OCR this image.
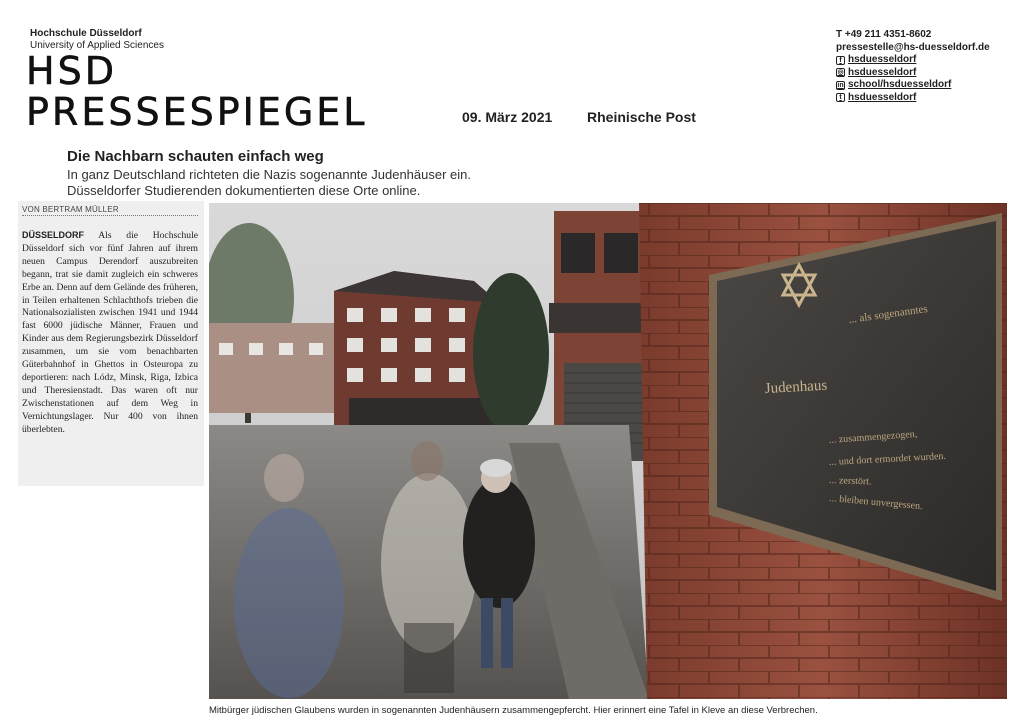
Hochschule Düsseldorf
University of Applied Sciences
HSD
PRESSESPIEGEL	09. März 2021 Rheinische Post
T +49 211 4351-8602
pressestelle@hs-duesseldorf.de
f hsduesseldorf
◎ hsduesseldorf
in school/hsduesseldorf
t hsduesseldorf
Die Nachbarn schauten einfach weg
In ganz Deutschland richteten die Nazis sogenannte Judenhäuser ein.
Düsseldorfer Studierenden dokumentierten diese Orte online.
VON BERTRAM MÜLLER
DÜSSELDORF Als die Hochschule Düsseldorf sich vor fünf Jahren auf ihrem neuen Campus Derendorf auszubreiten begann, trat sie damit zugleich ein schweres Erbe an. Denn auf dem Gelände des früheren, in Teilen erhaltenen Schlachthofs trieben die Nationalsozialisten zwischen 1941 und 1944 fast 6000 jüdische Männer, Frauen und Kinder aus dem Regierungsbezirk Düsseldorf zusammen, um sie vom benachbarten Güterbahnhof in Ghettos in Osteuropa zu deportieren: nach Lódz, Minsk, Riga, Izbica und Theresienstadt. Das waren oft nur Zwischenstationen auf dem Weg in Vernichtungslager. Nur 400 von ihnen überlebten.
... als sogenanntes
Judenhaus
... zusammengezogen,
... und dort ermordet wurden.
... zerstört.
... bleiben unvergessen.
Mitbürger jüdischen Glaubens wurden in sogenannten Judenhäusern zusammengepfercht. Hier erinnert eine Tafel in Kleve an diese Verbrechen.
